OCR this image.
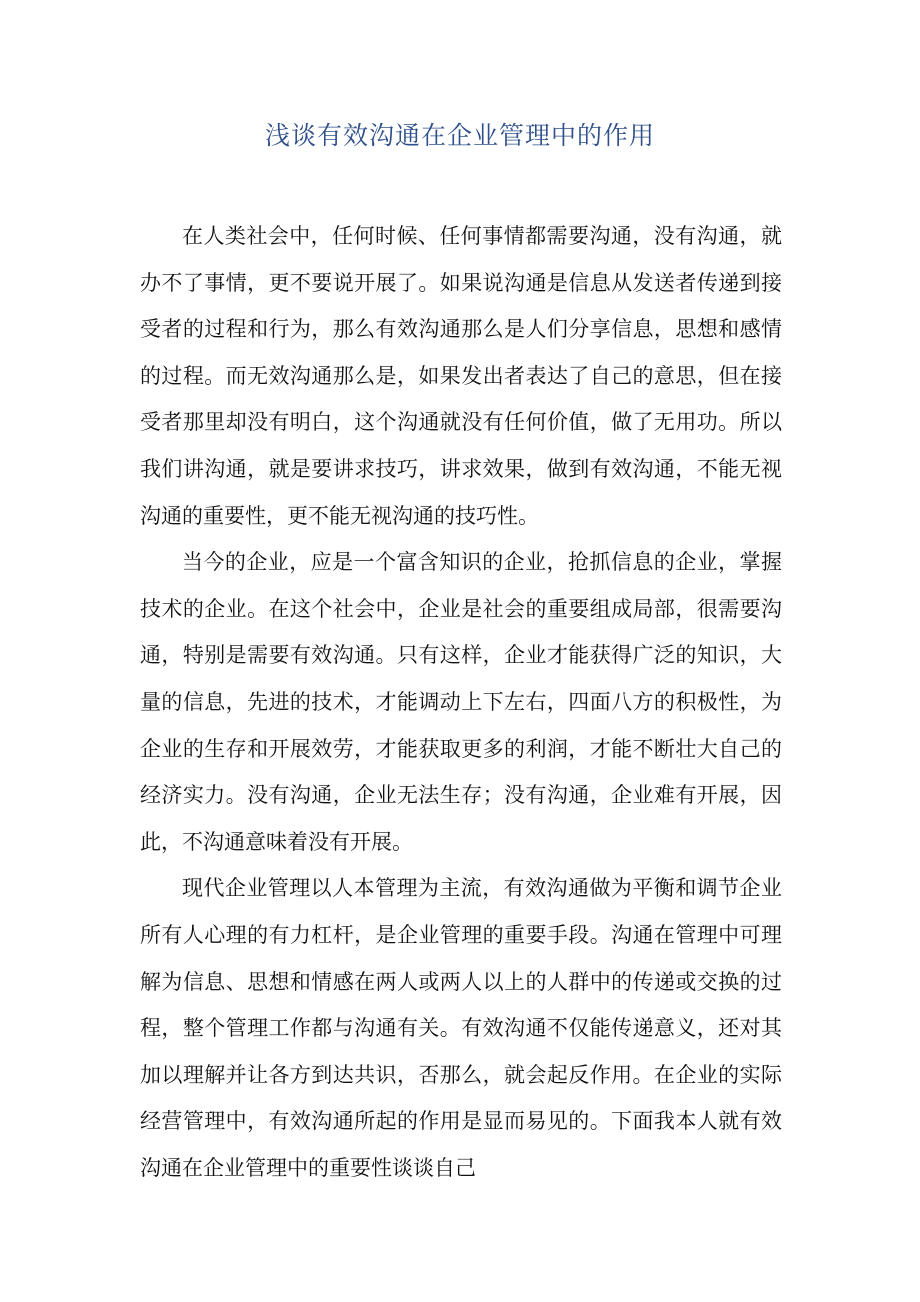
浅谈有效沟通在企业管理中的作用

在人类社会中，任何时候、任何事情都需要沟通，没有沟通，就办不了事情，更不要说开展了。如果说沟通是信息从发送者传递到接受者的过程和行为，那么有效沟通那么是人们分享信息，思想和感情的过程。而无效沟通那么是，如果发出者表达了自己的意思，但在接受者那里却没有明白，这个沟通就没有任何价值，做了无用功。所以我们讲沟通，就是要讲求技巧，讲求效果，做到有效沟通，不能无视沟通的重要性，更不能无视沟通的技巧性。

当今的企业，应是一个富含知识的企业，抢抓信息的企业，掌握技术的企业。在这个社会中，企业是社会的重要组成局部，很需要沟通，特别是需要有效沟通。只有这样，企业才能获得广泛的知识，大量的信息，先进的技术，才能调动上下左右，四面八方的积极性，为企业的生存和开展效劳，才能获取更多的利润，才能不断壮大自己的经济实力。没有沟通，企业无法生存；没有沟通，企业难有开展，因此，不沟通意味着没有开展。

现代企业管理以人本管理为主流，有效沟通做为平衡和调节企业所有人心理的有力杠杆，是企业管理的重要手段。沟通在管理中可理解为信息、思想和情感在两人或两人以上的人群中的传递或交换的过程，整个管理工作都与沟通有关。有效沟通不仅能传递意义，还对其加以理解并让各方到达共识，否那么，就会起反作用。在企业的实际经营管理中，有效沟通所起的作用是显而易见的。下面我本人就有效沟通在企业管理中的重要性谈谈自己
